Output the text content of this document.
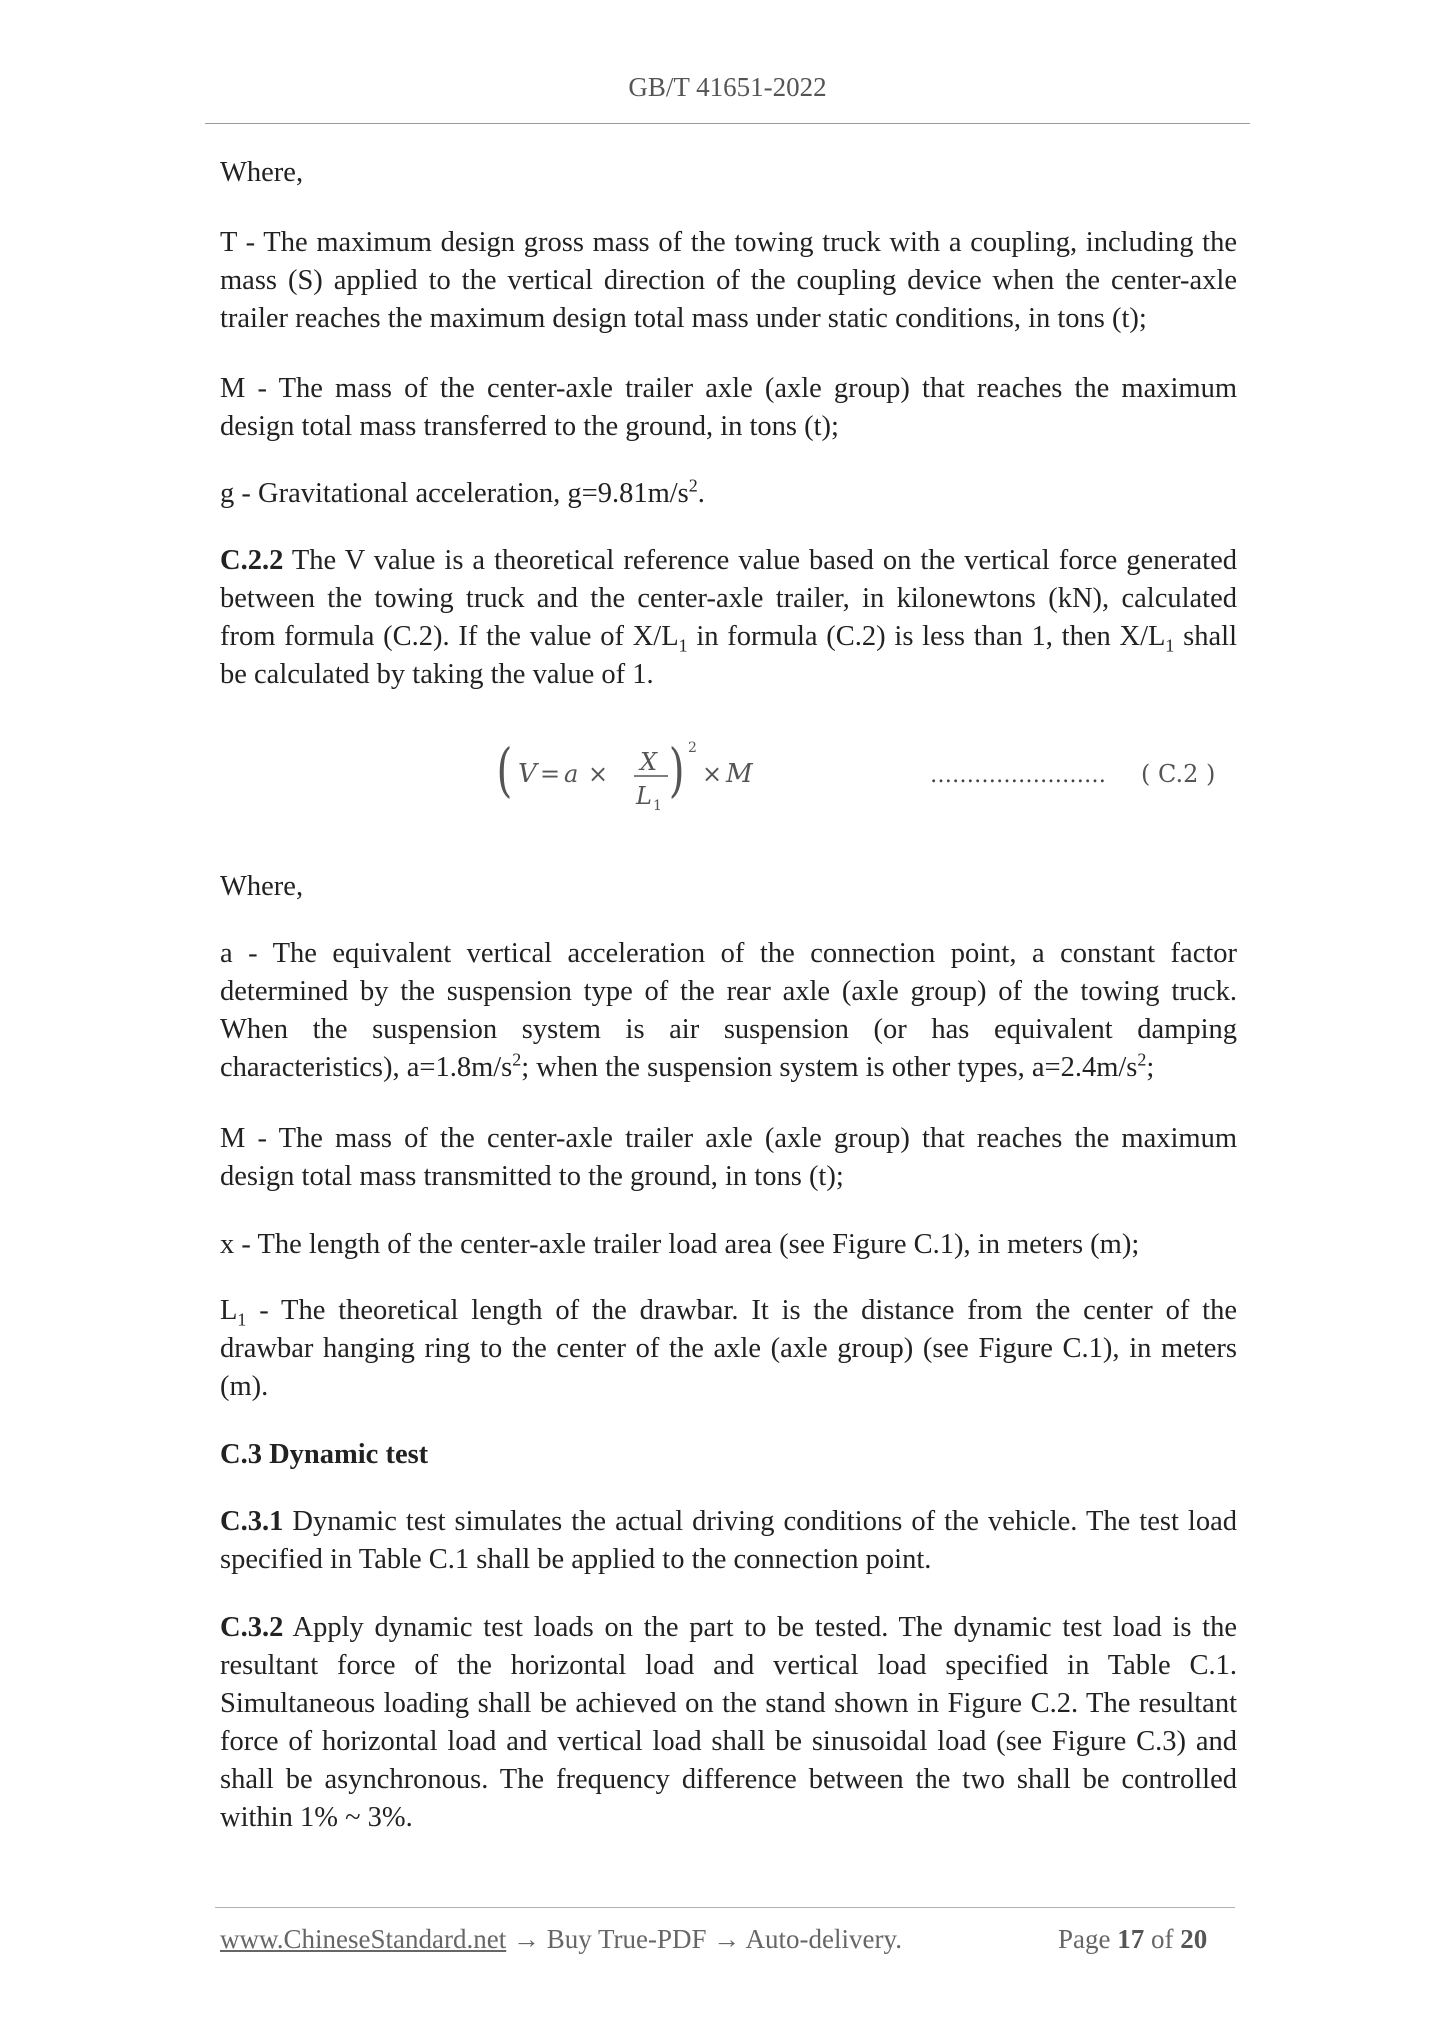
GB/T 41651-2022

Where,

T - The maximum design gross mass of the towing truck with a coupling, including the mass (S) applied to the vertical direction of the coupling device when the center-axle trailer reaches the maximum design total mass under static conditions, in tons (t);

M - The mass of the center-axle trailer axle (axle group) that reaches the maximum design total mass transferred to the ground, in tons (t);

g - Gravitational acceleration, $g=9.81m/s^2$.

C.2.2 The V value is a theoretical reference value based on the vertical force generated between the towing truck and the center-axle trailer, in kilonewtons (kN), calculated from formula (C.2). If the value of $X/L_1$ in formula (C.2) is less than 1, then $X/L_1$ shall be calculated by taking the value of 1.

V = a ×
(	X
L 1
) 2
× M	…………………… ( C.2 )

Where,

a - The equivalent vertical acceleration of the connection point, a constant factor determined by the suspension type of the rear axle (axle group) of the towing truck. When the suspension system is air suspension (or has equivalent damping characteristics), $a=1.8m/s^2$; when the suspension system is other types, $a=2.4m/s^2$;

M - The mass of the center-axle trailer axle (axle group) that reaches the maximum design total mass transmitted to the ground, in tons (t);

x - The length of the center-axle trailer load area (see Figure C.1), in meters (m);

$L_1$ - The theoretical length of the drawbar. It is the distance from the center of the drawbar hanging ring to the center of the axle (axle group) (see Figure C.1), in meters (m).

C.3 Dynamic test

C.3.1 Dynamic test simulates the actual driving conditions of the vehicle. The test load specified in Table C.1 shall be applied to the connection point.

C.3.2 Apply dynamic test loads on the part to be tested. The dynamic test load is the resultant force of the horizontal load and vertical load specified in Table C.1. Simultaneous loading shall be achieved on the stand shown in Figure C.2. The resultant force of horizontal load and vertical load shall be sinusoidal load (see Figure C.3) and shall be asynchronous. The frequency difference between the two shall be controlled within 1% ~ 3%.

www.ChineseStandard.net → Buy True-PDF → Auto-delivery.	Page 17 of 20
